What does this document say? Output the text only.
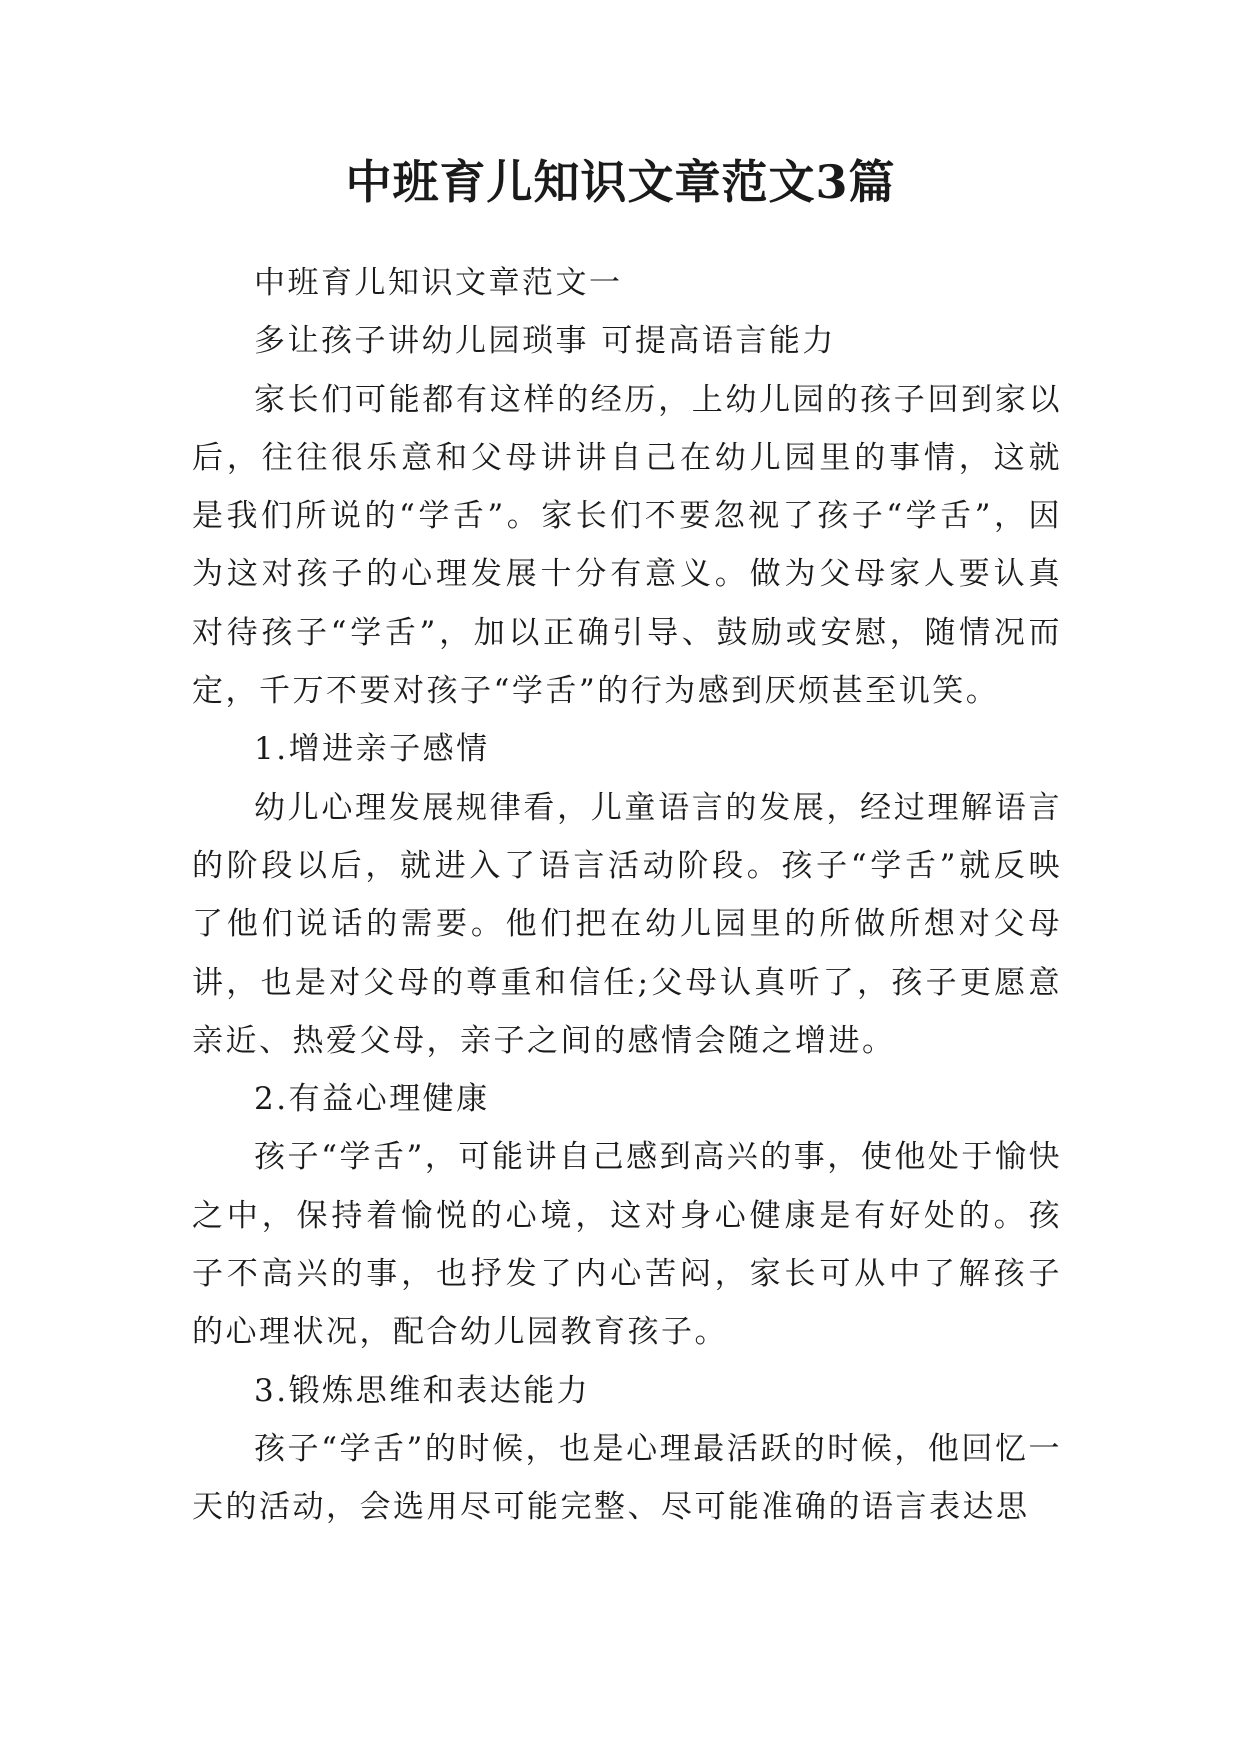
中班育儿知识文章范文3篇

中班育儿知识文章范文一

多让孩子讲幼儿园琐事 可提高语言能力

家长们可能都有这样的经历，上幼儿园的孩子回到家以后，往往很乐意和父母讲讲自己在幼儿园里的事情，这就是我们所说的“学舌”。家长们不要忽视了孩子“学舌”，因为这对孩子的心理发展十分有意义。做为父母家人要认真对待孩子“学舌”，加以正确引导、鼓励或安慰，随情况而定，千万不要对孩子“学舌”的行为感到厌烦甚至讥笑。

1.增进亲子感情

幼儿心理发展规律看，儿童语言的发展，经过理解语言的阶段以后，就进入了语言活动阶段。孩子“学舌”就反映了他们说话的需要。他们把在幼儿园里的所做所想对父母讲，也是对父母的尊重和信任;父母认真听了，孩子更愿意亲近、热爱父母，亲子之间的感情会随之增进。

2.有益心理健康

孩子“学舌”，可能讲自己感到高兴的事，使他处于愉快之中，保持着愉悦的心境，这对身心健康是有好处的。孩子不高兴的事，也抒发了内心苦闷，家长可从中了解孩子的心理状况，配合幼儿园教育孩子。

3.锻炼思维和表达能力

孩子“学舌”的时候，也是心理最活跃的时候，他回忆一天的活动，会选用尽可能完整、尽可能准确的语言表达思
